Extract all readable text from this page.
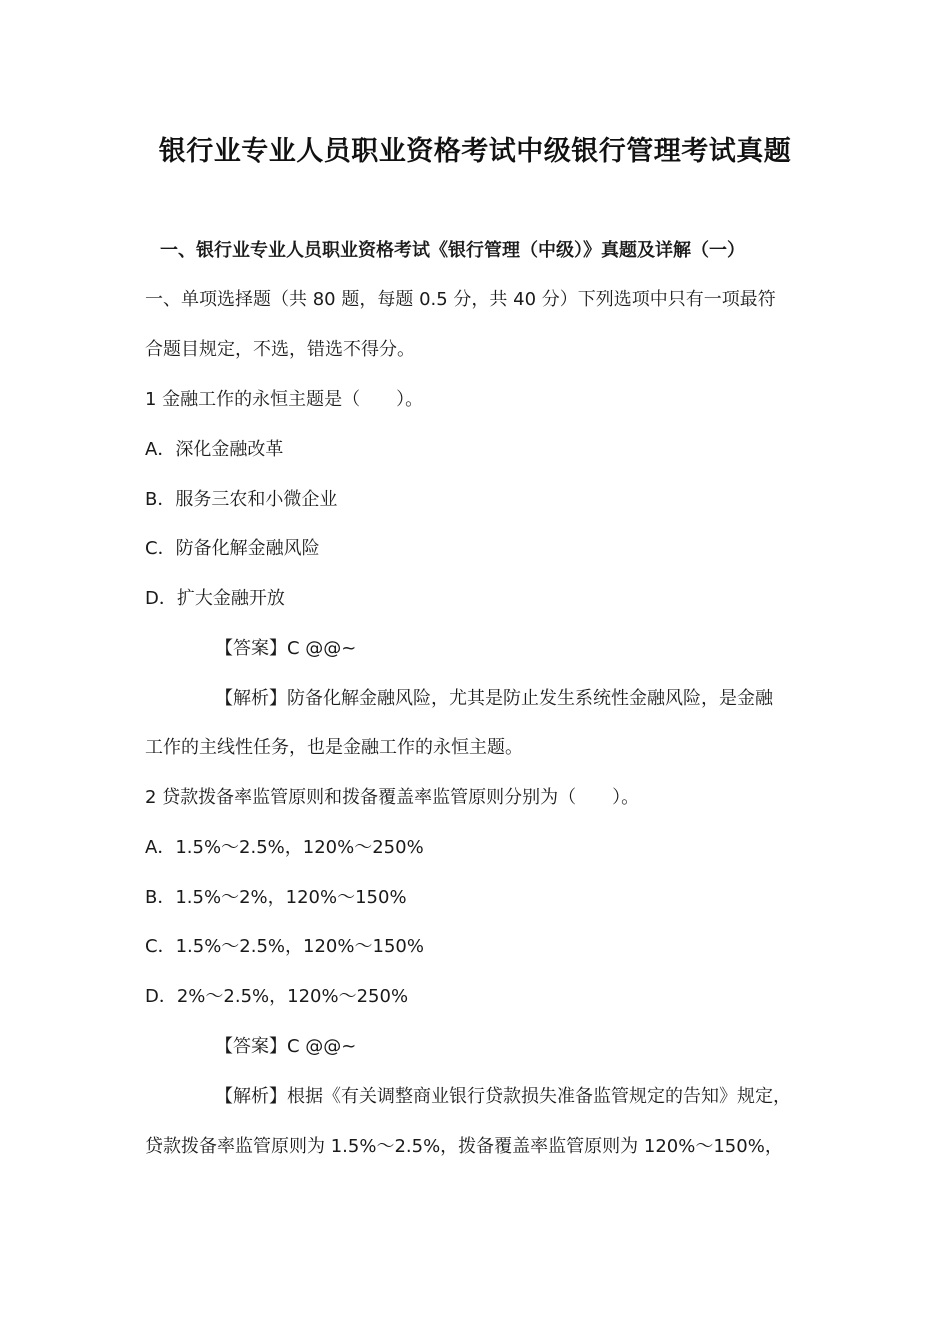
银行业专业人员职业资格考试中级银行管理考试真题
一、银行业专业人员职业资格考试《银行管理（中级）》真题及详解（一）
一、单项选择题（共 80 题，每题 0.5 分，共 40 分）下列选项中只有一项最符
合题目规定，不选，错选不得分。
1 金融工作的永恒主题是（　　）。
A．深化金融改革
B．服务三农和小微企业
C．防备化解金融风险
D．扩大金融开放
【答案】C @@~
【解析】防备化解金融风险，尤其是防止发生系统性金融风险，是金融
工作的主线性任务，也是金融工作的永恒主题。
2 贷款拨备率监管原则和拨备覆盖率监管原则分别为（　　）。
A．1.5%～2.5%，120%～250%
B．1.5%～2%，120%～150%
C．1.5%～2.5%，120%～150%
D．2%～2.5%，120%～250%
【答案】C @@~
【解析】根据《有关调整商业银行贷款损失准备监管规定的告知》规定，
贷款拨备率监管原则为 1.5%～2.5%，拨备覆盖率监管原则为 120%～150%，
